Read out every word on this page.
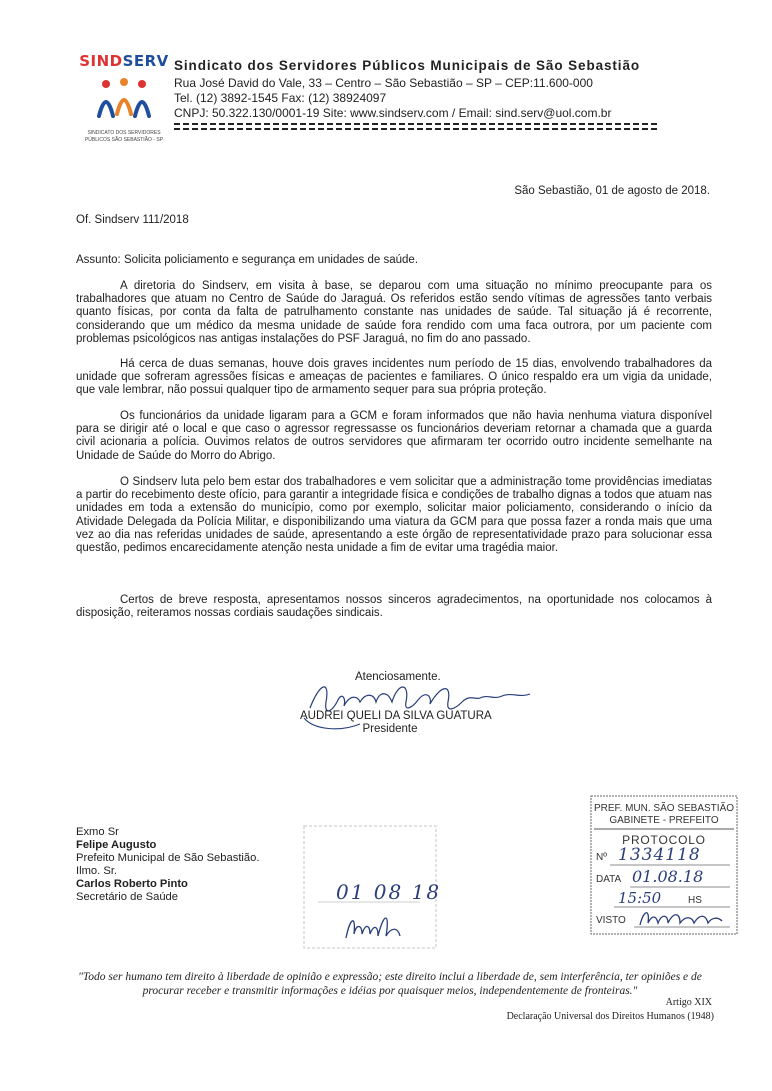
SINDSERV
SINDICATO DOS SERVIDORES PÚBLICOS SÃO SEBASTIÃO - SP
Sindicato dos Servidores Públicos Municipais de São Sebastião
Rua José David do Vale, 33 – Centro – São Sebastião – SP – CEP:11.600-000
Tel. (12) 3892-1545 Fax: (12) 38924097
CNPJ: 50.322.130/0001-19 Site: www.sindserv.com / Email: sind.serv@uol.com.br
São Sebastião, 01 de agosto de 2018.
Of. Sindserv 111/2018
Assunto: Solicita policiamento e segurança em unidades de saúde.
A diretoria do Sindserv, em visita à base, se deparou com uma situação no mínimo preocupante para os trabalhadores que atuam no Centro de Saúde do Jaraguá. Os referidos estão sendo vítimas de agressões tanto verbais quanto físicas, por conta da falta de patrulhamento constante nas unidades de saúde. Tal situação já é recorrente, considerando que um médico da mesma unidade de saúde fora rendido com uma faca outrora, por um paciente com problemas psicológicos nas antigas instalações do PSF Jaraguá, no fim do ano passado.
Há cerca de duas semanas, houve dois graves incidentes num período de 15 dias, envolvendo trabalhadores da unidade que sofreram agressões físicas e ameaças de pacientes e familiares. O único respaldo era um vigia da unidade, que vale lembrar, não possui qualquer tipo de armamento sequer para sua própria proteção.
Os funcionários da unidade ligaram para a GCM e foram informados que não havia nenhuma viatura disponível para se dirigir até o local e que caso o agressor regressasse os funcionários deveriam retornar a chamada que a guarda civil acionaria a polícia. Ouvimos relatos de outros servidores que afirmaram ter ocorrido outro incidente semelhante na Unidade de Saúde do Morro do Abrigo.
O Sindserv luta pelo bem estar dos trabalhadores e vem solicitar que a administração tome providências imediatas a partir do recebimento deste ofício, para garantir a integridade física e condições de trabalho dignas a todos que atuam nas unidades em toda a extensão do município, como por exemplo, solicitar maior policiamento, considerando o início da Atividade Delegada da Polícia Militar, e disponibilizando uma viatura da GCM para que possa fazer a ronda mais que uma vez ao dia nas referidas unidades de saúde, apresentando a este órgão de representatividade prazo para solucionar essa questão, pedimos encarecidamente atenção nesta unidade a fim de evitar uma tragédia maior.
Certos de breve resposta, apresentamos nossos sinceros agradecimentos, na oportunidade nos colocamos à disposição, reiteramos nossas cordiais saudações sindicais.
Atenciosamente.
AUDREI QUELI DA SILVA GUATURA
Presidente
Exmo Sr
Felipe Augusto
Prefeito Municipal de São Sebastião.
Ilmo. Sr.
Carlos Roberto Pinto
Secretário de Saúde	01 08 18
PREF. MUN. SÃO SEBASTIÃO
GABINETE - PREFEITO
PROTOCOLO
Nº 1334118
DATA 01.08.18
15:50	HS
VISTO
"Todo ser humano tem direito à liberdade de opinião e expressão; este direito inclui a liberdade de, sem interferência, ter opiniões e de procurar receber e transmitir informações e idéias por quaisquer meios, independentemente de fronteiras."
Artigo XIX
Declaração Universal dos Direitos Humanos (1948)
